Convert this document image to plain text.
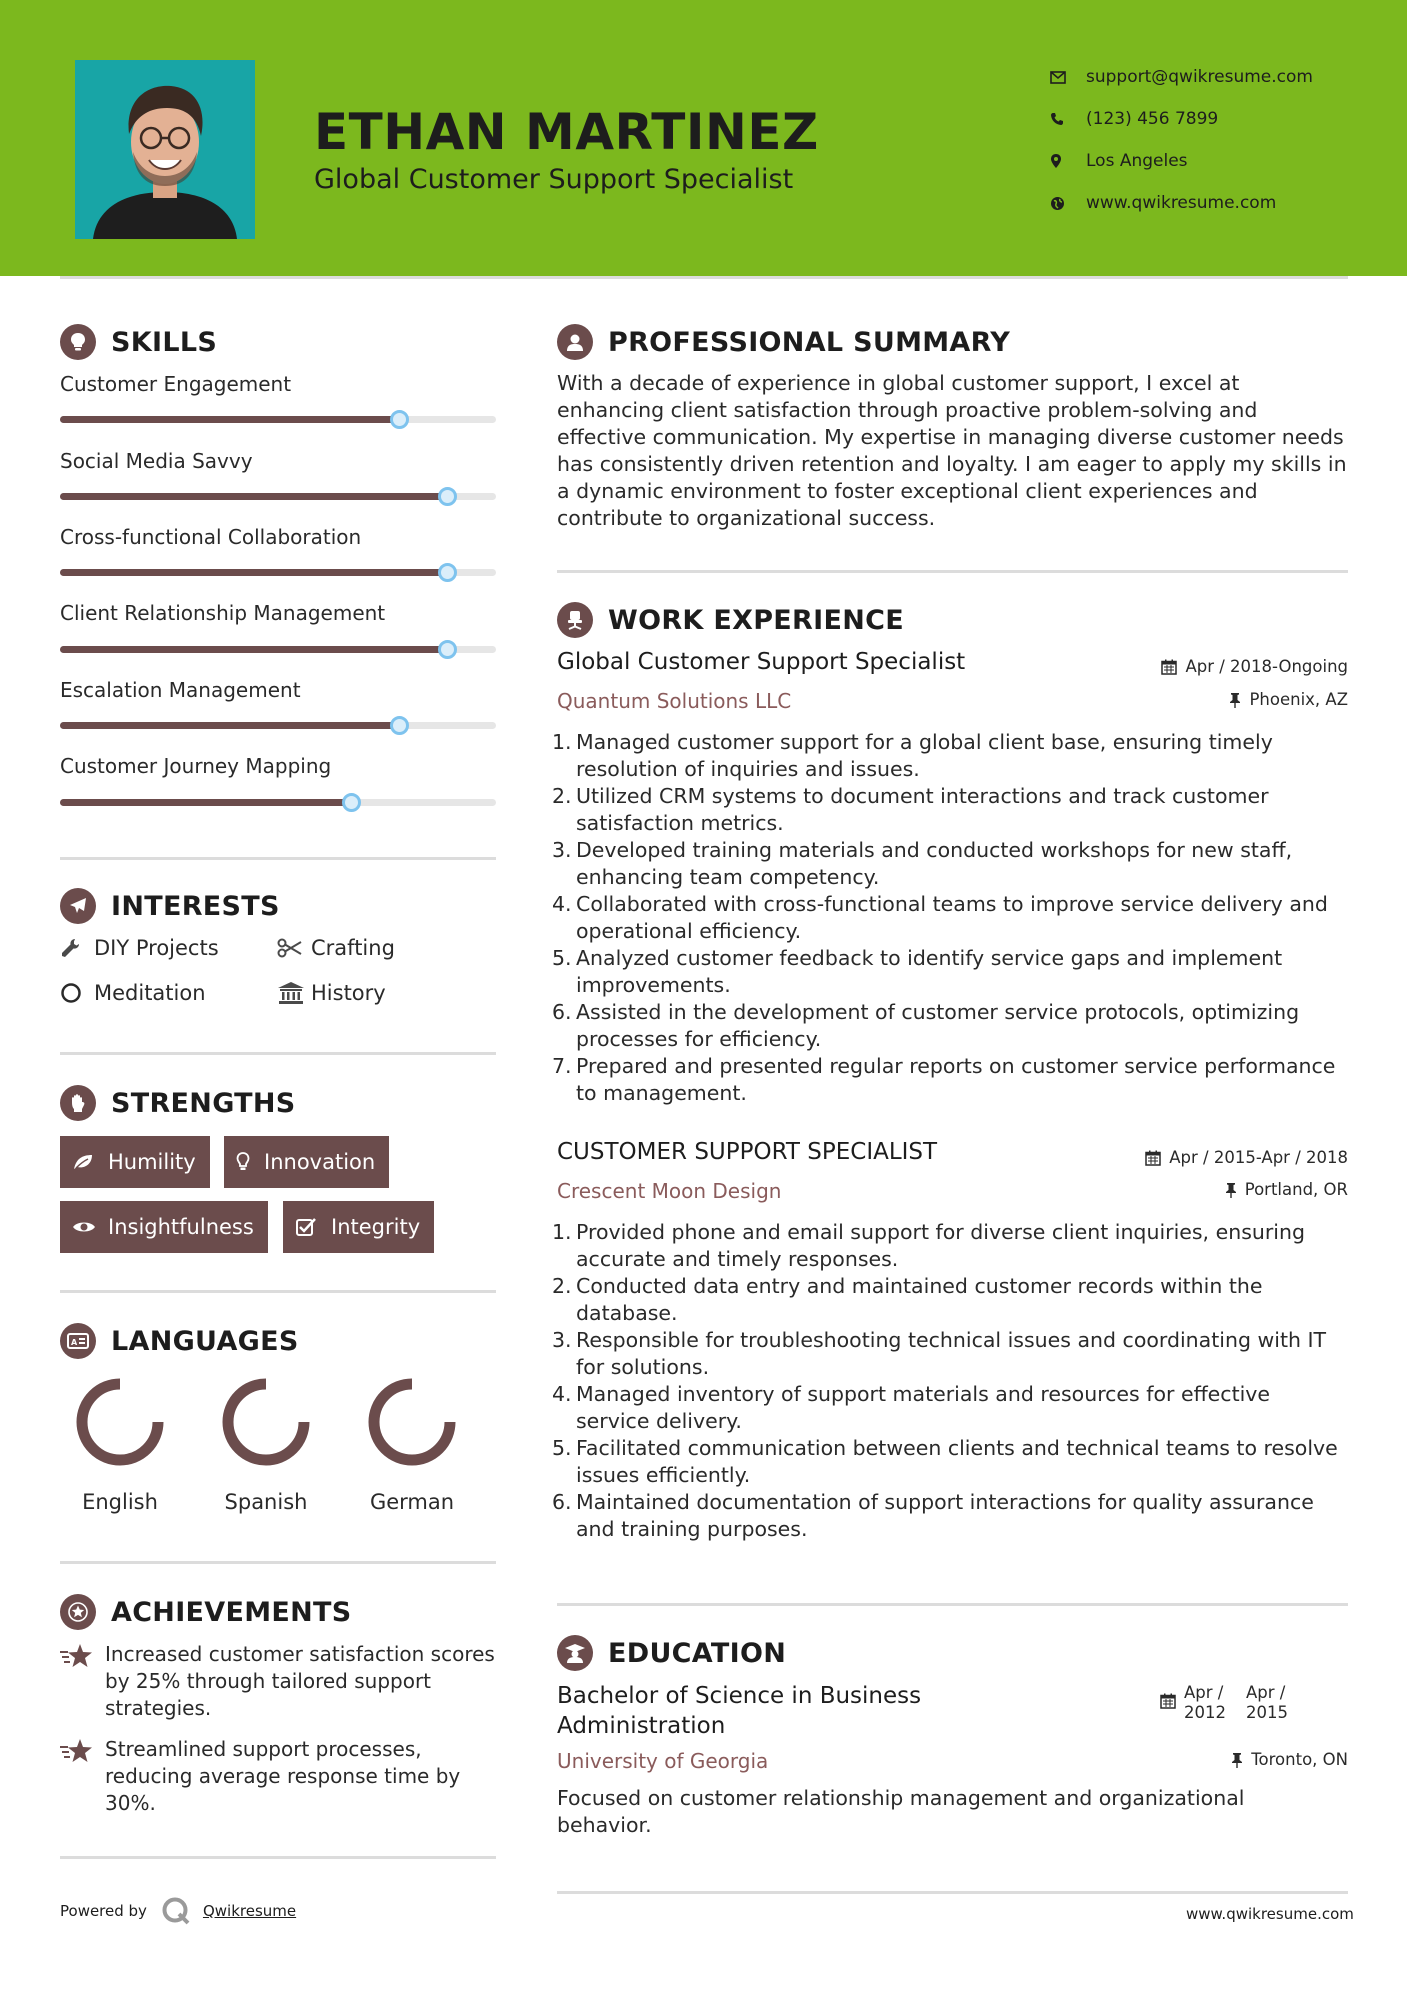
ETHAN MARTINEZ
Global Customer Support Specialist
support@qwikresume.com
(123) 456 7899
Los Angeles
www.qwikresume.com
SKILLS
Customer Engagement
Social Media Savvy
Cross-functional Collaboration
Client Relationship Management
Escalation Management
Customer Journey Mapping
INTERESTS
DIY Projects	Crafting
Meditation	History
STRENGTHS
Humility	Innovation
Insightfulness	Integrity
A LANGUAGES
English	Spanish	German
ACHIEVEMENTS
Increased customer satisfaction scores by 25% through tailored support strategies.
Streamlined support processes, reducing average response time by 30%.
PROFESSIONAL SUMMARY
With a decade of experience in global customer support, I excel at enhancing client satisfaction through proactive problem-solving and effective communication. My expertise in managing diverse customer needs has consistently driven retention and loyalty. I am eager to apply my skills in a dynamic environment to foster exceptional client experiences and contribute to organizational success.
WORK EXPERIENCE
Global Customer Support Specialist	Apr / 2018-Ongoing
Quantum Solutions LLC	Phoenix, AZ
1. Managed customer support for a global client base, ensuring timely resolution of inquiries and issues.
2. Utilized CRM systems to document interactions and track customer satisfaction metrics.
3. Developed training materials and conducted workshops for new staff, enhancing team competency.
4. Collaborated with cross-functional teams to improve service delivery and operational efficiency.
5. Analyzed customer feedback to identify service gaps and implement improvements.
6. Assisted in the development of customer service protocols, optimizing processes for efficiency.
7. Prepared and presented regular reports on customer service performance to management.
CUSTOMER SUPPORT SPECIALIST	Apr / 2015-Apr / 2018
Crescent Moon Design	Portland, OR
1. Provided phone and email support for diverse client inquiries, ensuring accurate and timely responses.
2. Conducted data entry and maintained customer records within the database.
3. Responsible for troubleshooting technical issues and coordinating with IT for solutions.
4. Managed inventory of support materials and resources for effective service delivery.
5. Facilitated communication between clients and technical teams to resolve issues efficiently.
6. Maintained documentation of support interactions for quality assurance and training purposes.
EDUCATION
Bachelor of Science in Business Administration
Apr / 2012
Apr / 2015
University of Georgia	Toronto, ON
Focused on customer relationship management and organizational behavior.
Powered by	Qwikresume	www.qwikresume.com
